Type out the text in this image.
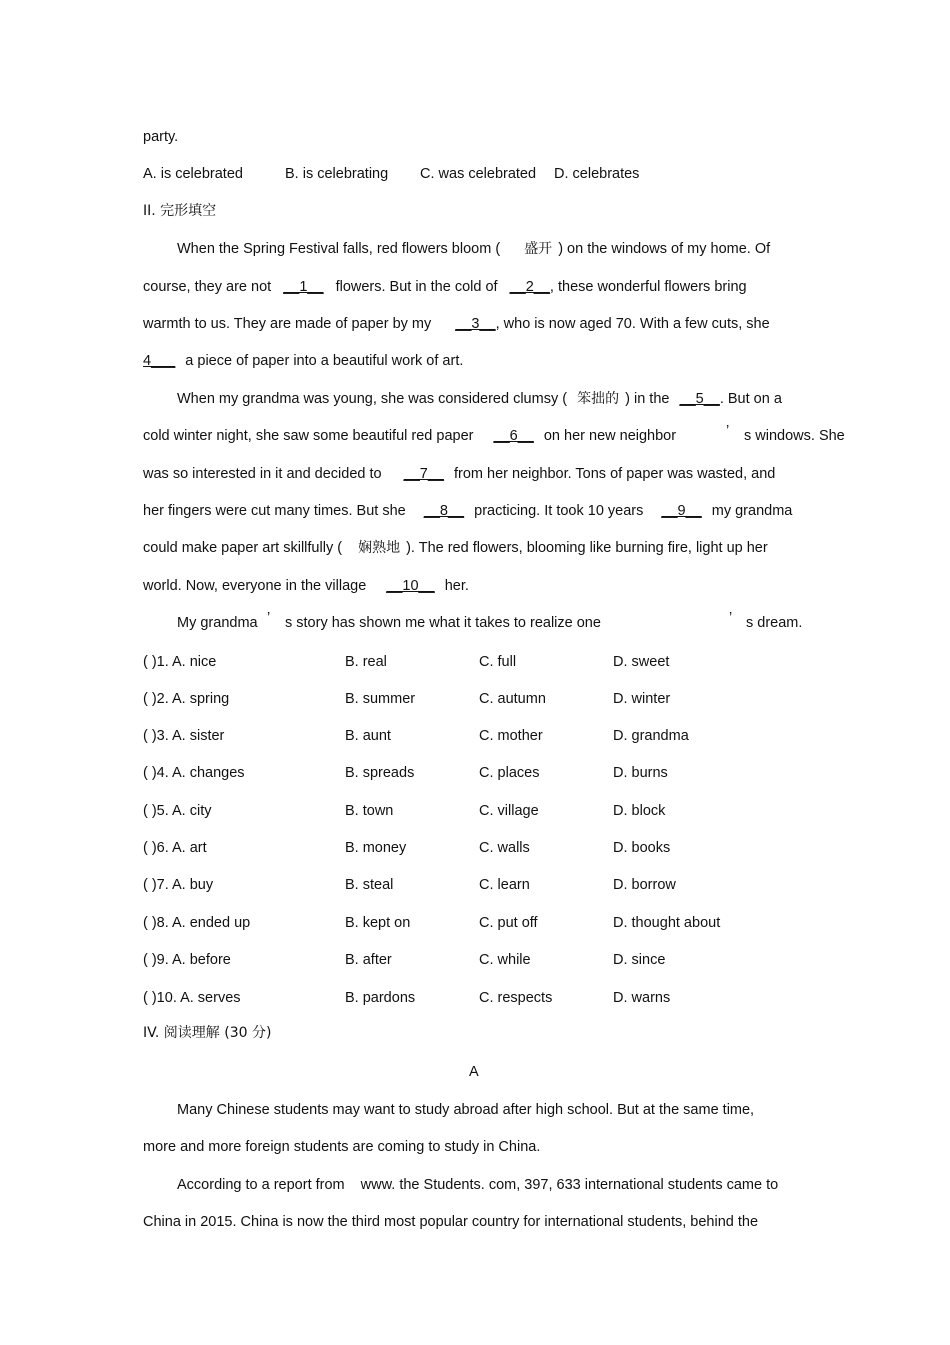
party.
A. is celebrated	B. is celebrating C. was celebrated D. celebrates
II. 完形填空
When the Spring Festival falls, red flowers bloom ( 盛开 ) on the windows of my home. Of
course, they are not __1__ flowers. But in the cold of __2__, these wonderful flowers bring
warmth to us. They are made of paper by my __3__, who is now aged 70. With a few cuts, she
4___ a piece of paper into a beautiful work of art.
When my grandma was young, she was considered clumsy ( 笨拙的 ) in the __5__. But on a
cold winter night, she saw some beautiful red paper __6__ on her new neighbor	’ s windows. She
was so interested in it and decided to __7__ from her neighbor. Tons of paper was wasted, and
her fingers were cut many times. But she __8__ practicing. It took 10 years __9__ my grandma
could make paper art skillfully ( 娴熟地 ). The red flowers, blooming like burning fire, light up her
world. Now, everyone in the village __10__ her.
My grandma ’ s story has shown me what it takes to realize one	’ s dream.
( )1. A. nice	B. real	C. full	D. sweet
( )2. A. spring	B. summer	C. autumn	D. winter
( )3. A. sister	B. aunt	C. mother	D. grandma
( )4. A. changes	B. spreads	C. places	D. burns
( )5. A. city	B. town	C. village	D. block
( )6. A. art	B. money	C. walls	D. books
( )7. A. buy	B. steal	C. learn	D. borrow
( )8. A. ended up	B. kept on	C. put off	D. thought about
( )9. A. before	B. after	C. while	D. since
( )10. A. serves	B. pardons	C. respects	D. warns
IV. 阅读理解 (30 分)
A
Many Chinese students may want to study abroad after high school. But at the same time,
more and more foreign students are coming to study in China.
According to a report from www. the Students. com, 397, 633 international students came to
China in 2015. China is now the third most popular country for international students, behind the
